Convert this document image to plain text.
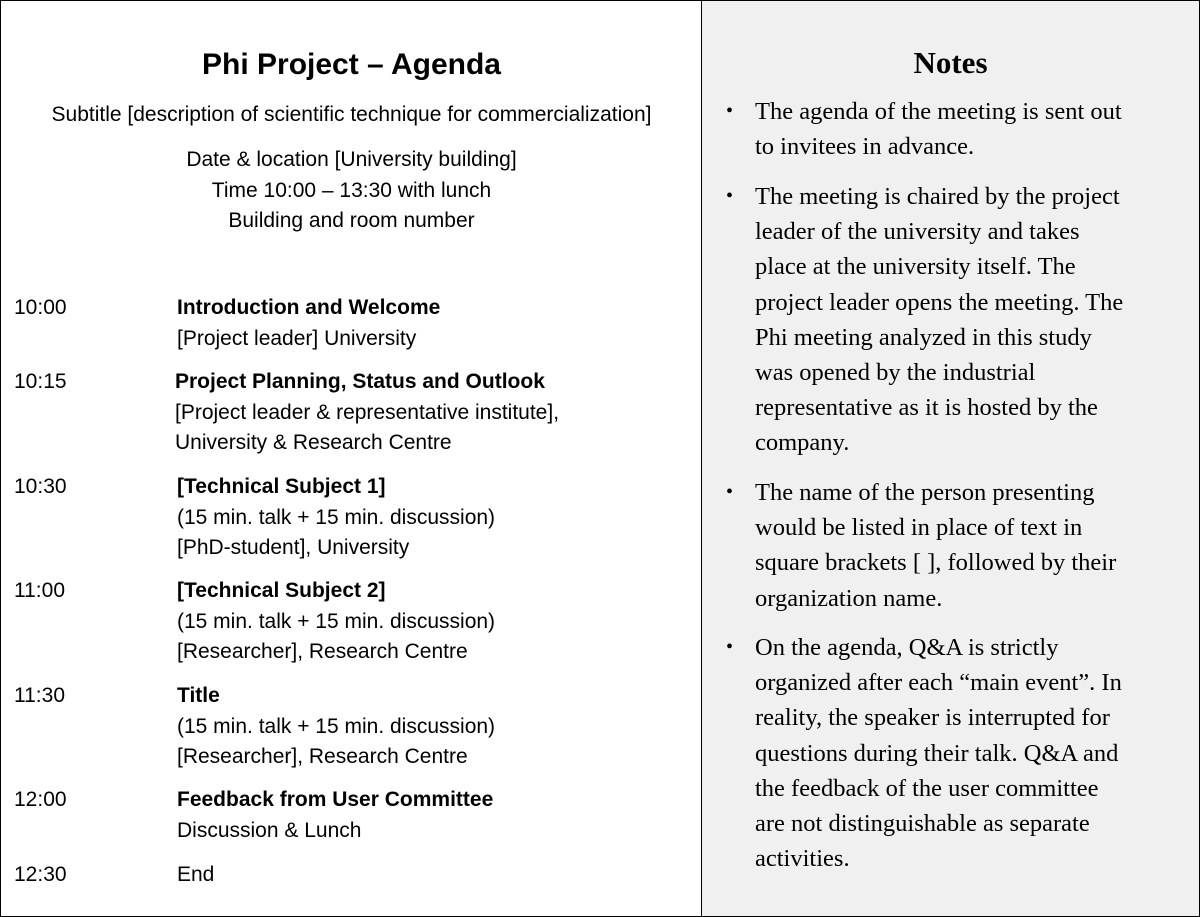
Phi Project – Agenda
Subtitle [description of scientific technique for commercialization]
Date & location [University building]
Time 10:00 – 13:30 with lunch
Building and room number
10:00	Introduction and Welcome
[Project leader] University
10:15	Project Planning, Status and Outlook
[Project leader & representative institute],
University & Research Centre
10:30	[Technical Subject 1]
(15 min. talk + 15 min. discussion)
[PhD-student], University
11:00	[Technical Subject 2]
(15 min. talk + 15 min. discussion)
[Researcher], Research Centre
11:30	Title
(15 min. talk + 15 min. discussion)
[Researcher], Research Centre
12:00	Feedback from User Committee
Discussion & Lunch
12:30	End
Notes
• The agenda of the meeting is sent out
to invitees in advance.
• The meeting is chaired by the project
leader of the university and takes
place at the university itself. The
project leader opens the meeting. The
Phi meeting analyzed in this study
was opened by the industrial
representative as it is hosted by the
company.
• The name of the person presenting
would be listed in place of text in
square brackets [ ], followed by their
organization name.
• On the agenda, Q&A is strictly
organized after each “main event”. In
reality, the speaker is interrupted for
questions during their talk. Q&A and
the feedback of the user committee
are not distinguishable as separate
activities.
